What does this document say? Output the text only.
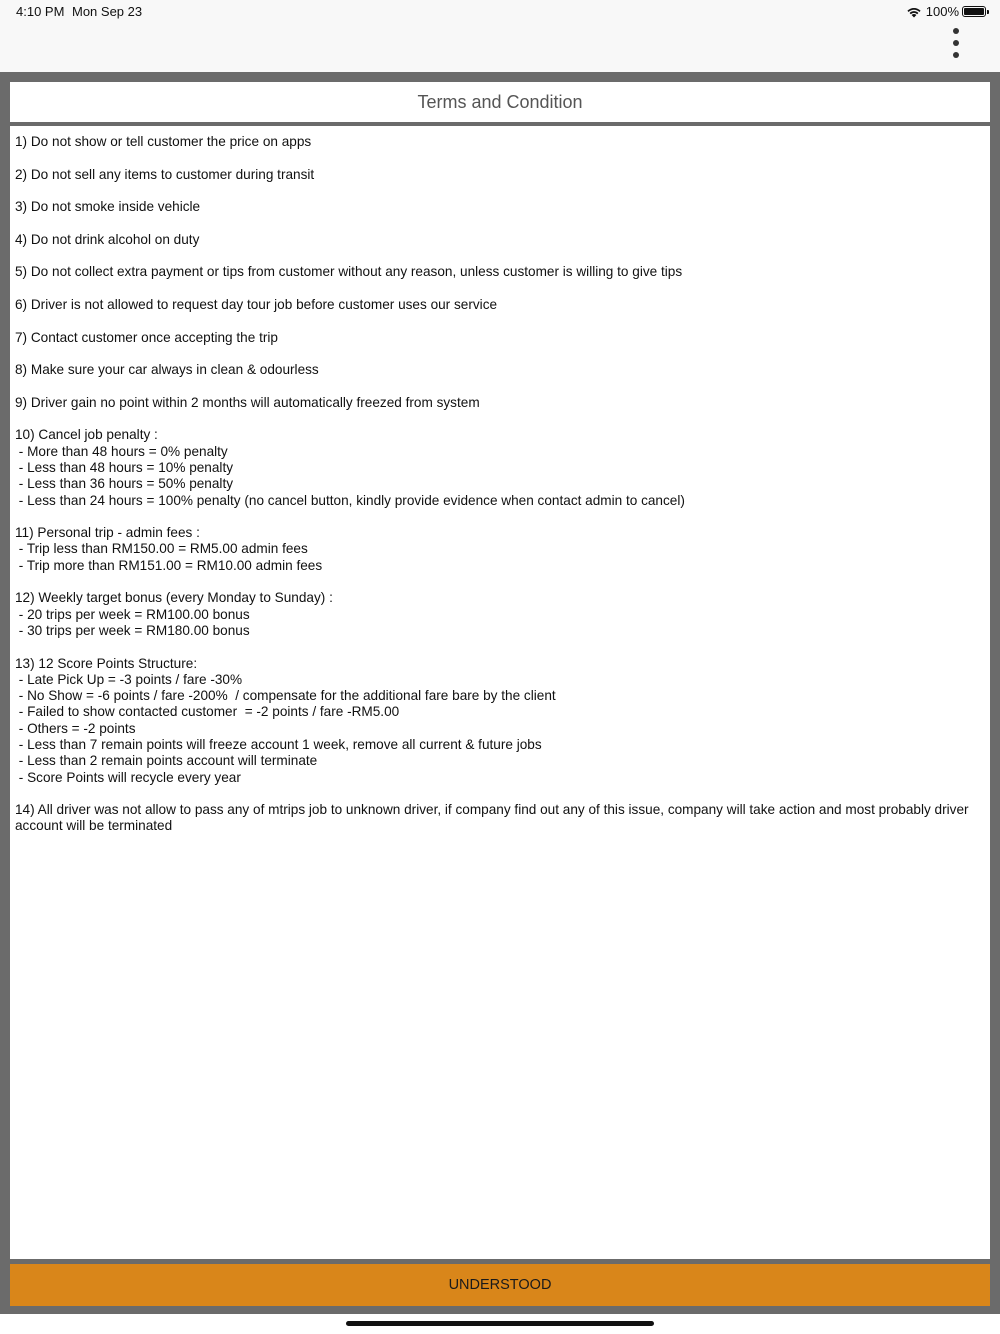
4:10 PM Mon Sep 23	100%
Terms and Condition
1) Do not show or tell customer the price on apps
2) Do not sell any items to customer during transit
3) Do not smoke inside vehicle
4) Do not drink alcohol on duty
5) Do not collect extra payment or tips from customer without any reason, unless customer is willing to give tips
6) Driver is not allowed to request day tour job before customer uses our service
7) Contact customer once accepting the trip
8) Make sure your car always in clean & odourless
9) Driver gain no point within 2 months will automatically freezed from system
10) Cancel job penalty :
- More than 48 hours = 0% penalty
- Less than 48 hours = 10% penalty
- Less than 36 hours = 50% penalty
- Less than 24 hours = 100% penalty (no cancel button, kindly provide evidence when contact admin to cancel)
11) Personal trip - admin fees :
- Trip less than RM150.00 = RM5.00 admin fees
- Trip more than RM151.00 = RM10.00 admin fees
12) Weekly target bonus (every Monday to Sunday) :
- 20 trips per week = RM100.00 bonus
- 30 trips per week = RM180.00 bonus
13) 12 Score Points Structure:
- Late Pick Up = -3 points / fare -30%
- No Show = -6 points / fare -200%  / compensate for the additional fare bare by the client
- Failed to show contacted customer  = -2 points / fare -RM5.00
- Others = -2 points
- Less than 7 remain points will freeze account 1 week, remove all current & future jobs
- Less than 2 remain points account will terminate
- Score Points will recycle every year
14) All driver was not allow to pass any of mtrips job to unknown driver, if company find out any of this issue, company will take action and most probably driver account will be terminated
UNDERSTOOD
